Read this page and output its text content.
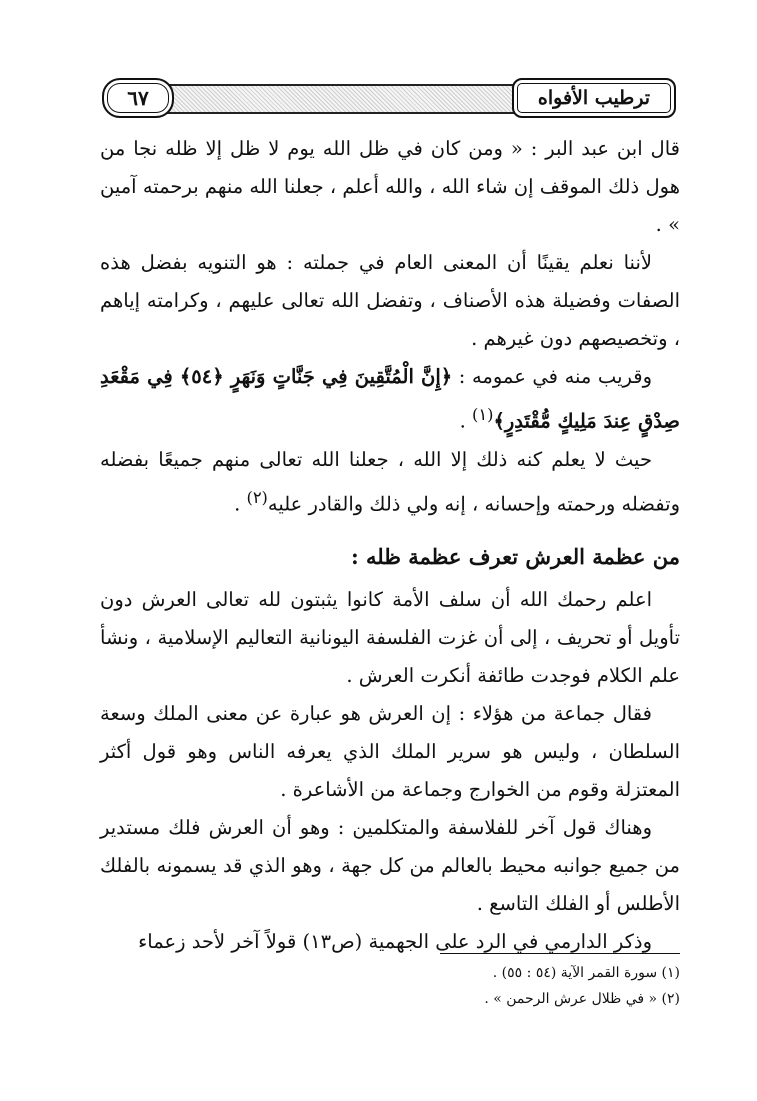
٦٧	ترطيب الأفواه

قال ابن عبد البر : « ومن كان في ظل الله يوم لا ظل إلا ظله نجا من هول ذلك الموقف إن شاء الله ، والله أعلم ، جعلنا الله منهم برحمته آمين » .

لأننا نعلم يقينًا أن المعنى العام في جملته : هو التنويه بفضل هذه الصفات وفضيلة هذه الأصناف ، وتفضل الله تعالى عليهم ، وكرامته إياهم ، وتخصيصهم دون غيرهم .

وقريب منه في عمومه : ﴿إِنَّ الْمُتَّقِينَ فِي جَنَّاتٍ وَنَهَرٍ ﴿٥٤﴾ فِي مَقْعَدِ صِدْقٍ عِندَ مَلِيكٍ مُّقْتَدِرٍ﴾$^{(١)}$ .

حيث لا يعلم كنه ذلك إلا الله ، جعلنا الله تعالى منهم جميعًا بفضله وتفضله ورحمته وإحسانه ، إنه ولي ذلك والقادر عليه$^{(٢)}$ .

من عظمة العرش تعرف عظمة ظله :

اعلم رحمك الله أن سلف الأمة كانوا يثبتون لله تعالى العرش دون تأويل أو تحريف ، إلى أن غزت الفلسفة اليونانية التعاليم الإسلامية ، ونشأ علم الكلام فوجدت طائفة أنكرت العرش .

فقال جماعة من هؤلاء : إن العرش هو عبارة عن معنى الملك وسعة السلطان ، وليس هو سرير الملك الذي يعرفه الناس وهو قول أكثر المعتزلة وقوم من الخوارج وجماعة من الأشاعرة .

وهناك قول آخر للفلاسفة والمتكلمين : وهو أن العرش فلك مستدير من جميع جوانبه محيط بالعالم من كل جهة ، وهو الذي قد يسمونه بالفلك الأطلس أو الفلك التاسع .

وذكر الدارمي في الرد على الجهمية (ص١٣) قولاً آخر لأحد زعماء

(١) سورة القمر الآية (٥٤ : ٥٥) .

(٢) « في ظلال عرش الرحمن » .
